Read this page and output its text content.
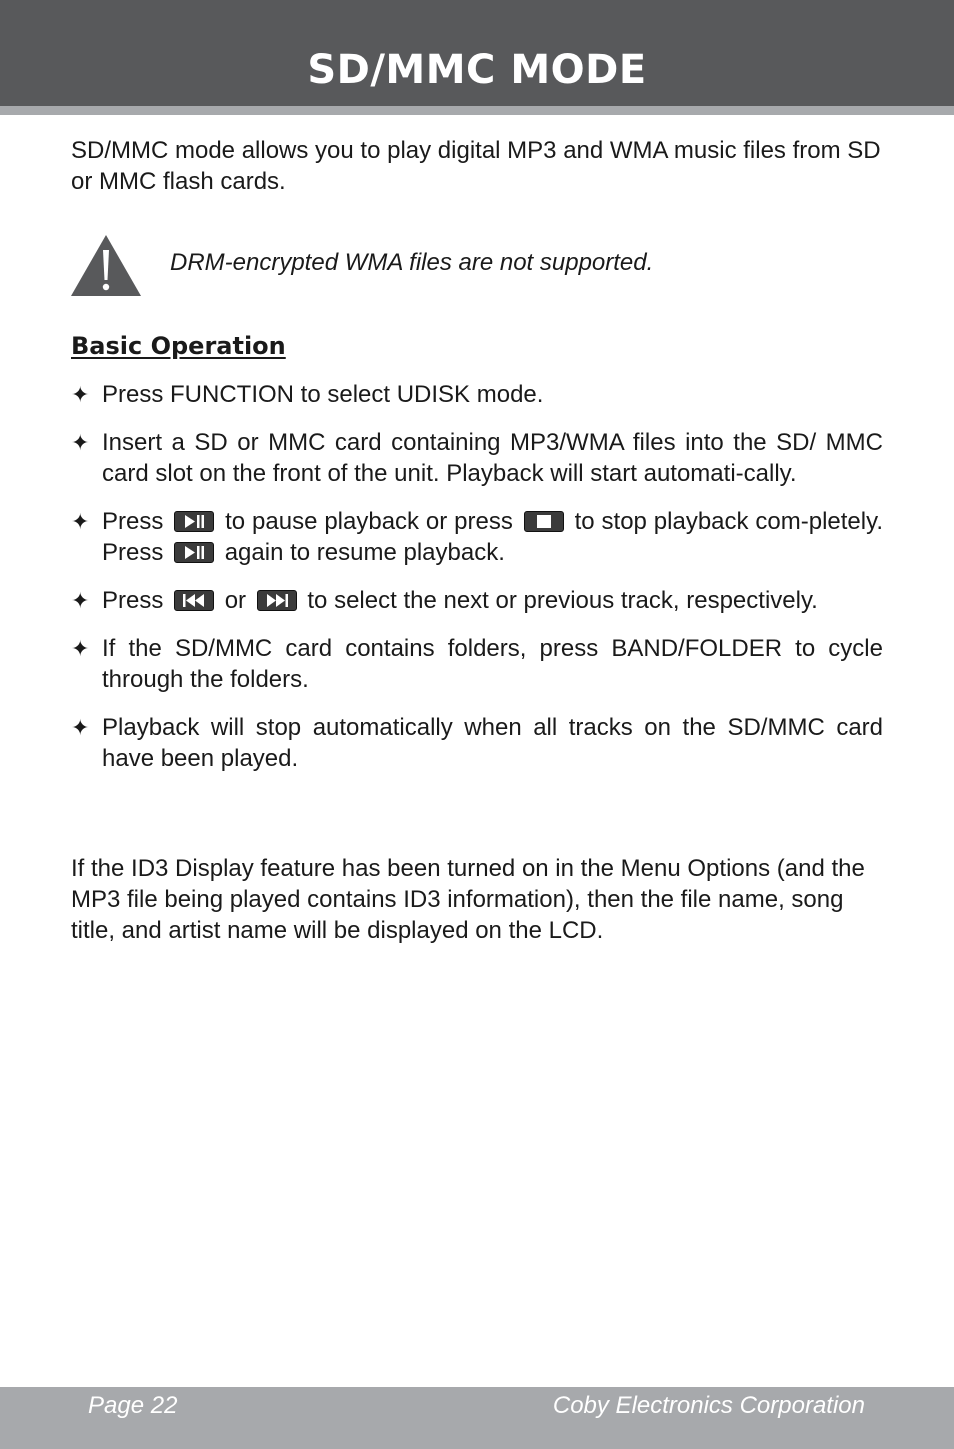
SD/MMC MODE

SD/MMC mode allows you to play digital MP3 and WMA music files from SD or MMC flash cards.

DRM-encrypted WMA files are not supported.

Basic Operation
✦ Press FUNCTION to select UDISK mode.
✦ Insert a SD or MMC card containing MP3/WMA files into the SD/ MMC card slot on the front of the unit. Playback will start automati-cally.
✦ Press	to pause playback or press	to stop playback com-pletely. Press	again to resume playback.
✦ Press	or	to select the next or previous track, respectively.
✦ If the SD/MMC card contains folders, press BAND/FOLDER to cycle through the folders.
✦ Playback will stop automatically when all tracks on the SD/MMC card have been played.

If the ID3 Display feature has been turned on in the Menu Options (and the MP3 file being played contains ID3 information), then the file name, song title, and artist name will be displayed on the LCD.

Page 22	Coby Electronics Corporation
